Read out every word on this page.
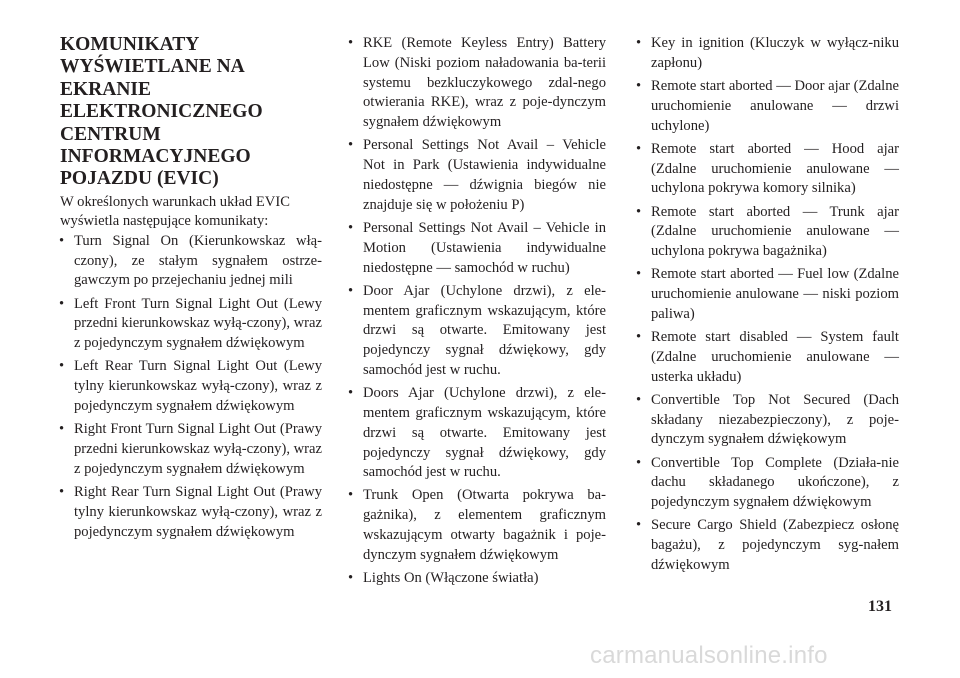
KOMUNIKATY
WYŚWIETLANE NA
EKRANIE
ELEKTRONICZNEGO
CENTRUM
INFORMACYJNEGO
POJAZDU (EVIC)

W określonych warunkach układ EVIC wyświetla następujące komunikaty:

• Turn Signal On (Kierunkowskaz włą-czony), ze stałym sygnałem ostrze-gawczym po przejechaniu jednej mili
• Left Front Turn Signal Light Out (Lewy przedni kierunkowskaz wyłą-czony), wraz z pojedynczym sygnałem dźwiękowym
• Left Rear Turn Signal Light Out (Lewy tylny kierunkowskaz wyłą-czony), wraz z pojedynczym sygnałem dźwiękowym
• Right Front Turn Signal Light Out (Prawy przedni kierunkowskaz wyłą-czony), wraz z pojedynczym sygnałem dźwiękowym
• Right Rear Turn Signal Light Out (Prawy tylny kierunkowskaz wyłą-czony), wraz z pojedynczym sygnałem dźwiękowym
• RKE (Remote Keyless Entry) Battery Low (Niski poziom naładowania ba-terii systemu bezkluczykowego zdal-nego otwierania RKE), wraz z poje-dynczym sygnałem dźwiękowym
• Personal Settings Not Avail – Vehicle Not in Park (Ustawienia indywidualne niedostępne — dźwignia biegów nie znajduje się w położeniu P)
• Personal Settings Not Avail – Vehicle in Motion (Ustawienia indywidualne niedostępne — samochód w ruchu)
• Door Ajar (Uchylone drzwi), z ele-mentem graficznym wskazującym, które drzwi są otwarte. Emitowany jest pojedynczy sygnał dźwiękowy, gdy samochód jest w ruchu.
• Doors Ajar (Uchylone drzwi), z ele-mentem graficznym wskazującym, które drzwi są otwarte. Emitowany jest pojedynczy sygnał dźwiękowy, gdy samochód jest w ruchu.
• Trunk Open (Otwarta pokrywa ba-gażnika), z elementem graficznym wskazującym otwarty bagażnik i poje-dynczym sygnałem dźwiękowym
• Lights On (Włączone światła)
• Key in ignition (Kluczyk w wyłącz-niku zapłonu)
• Remote start aborted — Door ajar (Zdalne uruchomienie anulowane — drzwi uchylone)
• Remote start aborted — Hood ajar (Zdalne uruchomienie anulowane — uchylona pokrywa komory silnika)
• Remote start aborted — Trunk ajar (Zdalne uruchomienie anulowane — uchylona pokrywa bagażnika)
• Remote start aborted — Fuel low (Zdalne uruchomienie anulowane — niski poziom paliwa)
• Remote start disabled — System fault (Zdalne uruchomienie anulowane — usterka układu)
• Convertible Top Not Secured (Dach składany niezabezpieczony), z poje-dynczym sygnałem dźwiękowym
• Convertible Top Complete (Działa-nie dachu składanego ukończone), z pojedynczym sygnałem dźwiękowym
• Secure Cargo Shield (Zabezpiecz osłonę bagażu), z pojedynczym syg-nałem dźwiękowym
131
carmanualsonline.info
